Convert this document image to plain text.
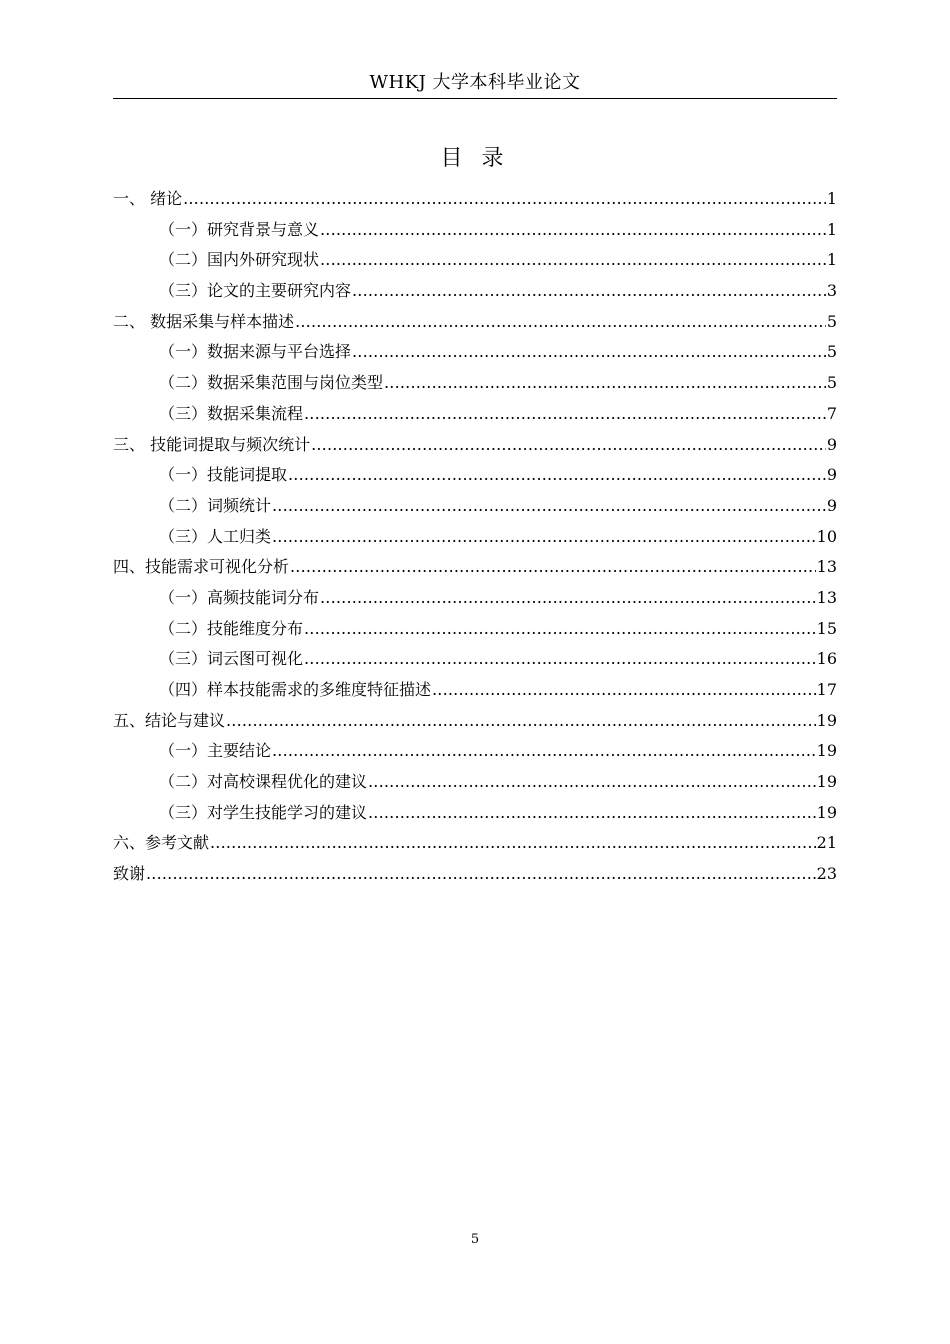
WHKJ 大学本科毕业论文
目 录
一、 绪论 .....	1
（一）研究背景与意义 .....	1
（二）国内外研究现状 .....	1
（三）论文的主要研究内容 .....	3
二、 数据采集与样本描述 .....	5
（一）数据来源与平台选择 .....	5
（二）数据采集范围与岗位类型 .....	5
（三）数据采集流程 .....	7
三、 技能词提取与频次统计 .....	9
（一）技能词提取 .....	9
（二）词频统计 .....	9
（三）人工归类 .....	10
四、技能需求可视化分析 .....	13
（一）高频技能词分布 .....	13
（二）技能维度分布 .....	15
（三）词云图可视化 .....	16
（四）样本技能需求的多维度特征描述 .....	17
五、结论与建议 .....	19
（一）主要结论 .....	19
（二）对高校课程优化的建议 .....	19
（三）对学生技能学习的建议 .....	19
六、参考文献 .....	21
致谢 .....	23
5
